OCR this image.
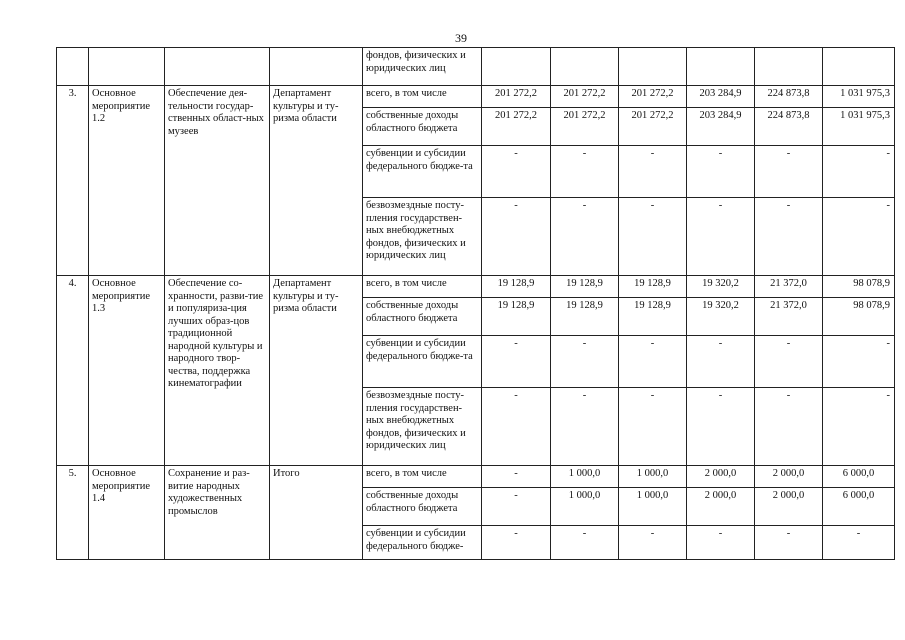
39
				фондов, физических и юридических лиц						
3.	Основное мероприятие 1.2	Обеспечение дея-тельности государ-ственных област-ных музеев	Департамент культуры и ту-ризма области	всего, в том числе	201 272,2	201 272,2	201 272,2	203 284,9	224 873,8	1 031 975,3
				собственные доходы областного бюджета	201 272,2	201 272,2	201 272,2	203 284,9	224 873,8	1 031 975,3
				субвенции и субсидии федерального бюдже-та	-	-	-	-	-	-
				безвозмездные посту-пления государствен-ных внебюджетных фондов, физических и юридических лиц	-	-	-	-	-	-
4.	Основное мероприятие 1.3	Обеспечение со-хранности, разви-тие и популяриза-ция лучших образ-цов традиционной народной культуры и народного твор-чества, поддержка кинематографии	Департамент культуры и ту-ризма области	всего, в том числе	19 128,9	19 128,9	19 128,9	19 320,2	21 372,0	98 078,9
				собственные доходы областного бюджета	19 128,9	19 128,9	19 128,9	19 320,2	21 372,0	98 078,9
				субвенции и субсидии федерального бюдже-та	-	-	-	-	-	-
				безвозмездные посту-пления государствен-ных внебюджетных фондов, физических и юридических лиц	-	-	-	-	-	-
5.	Основное мероприятие 1.4	Сохранение и раз-витие народных художественных промыслов	Итого	всего, в том числе	-	1 000,0	1 000,0	2 000,0	2 000,0	6 000,0
				собственные доходы областного бюджета	-	1 000,0	1 000,0	2 000,0	2 000,0	6 000,0
				субвенции и субсидии федерального бюдже-	-	-	-	-	-	-
